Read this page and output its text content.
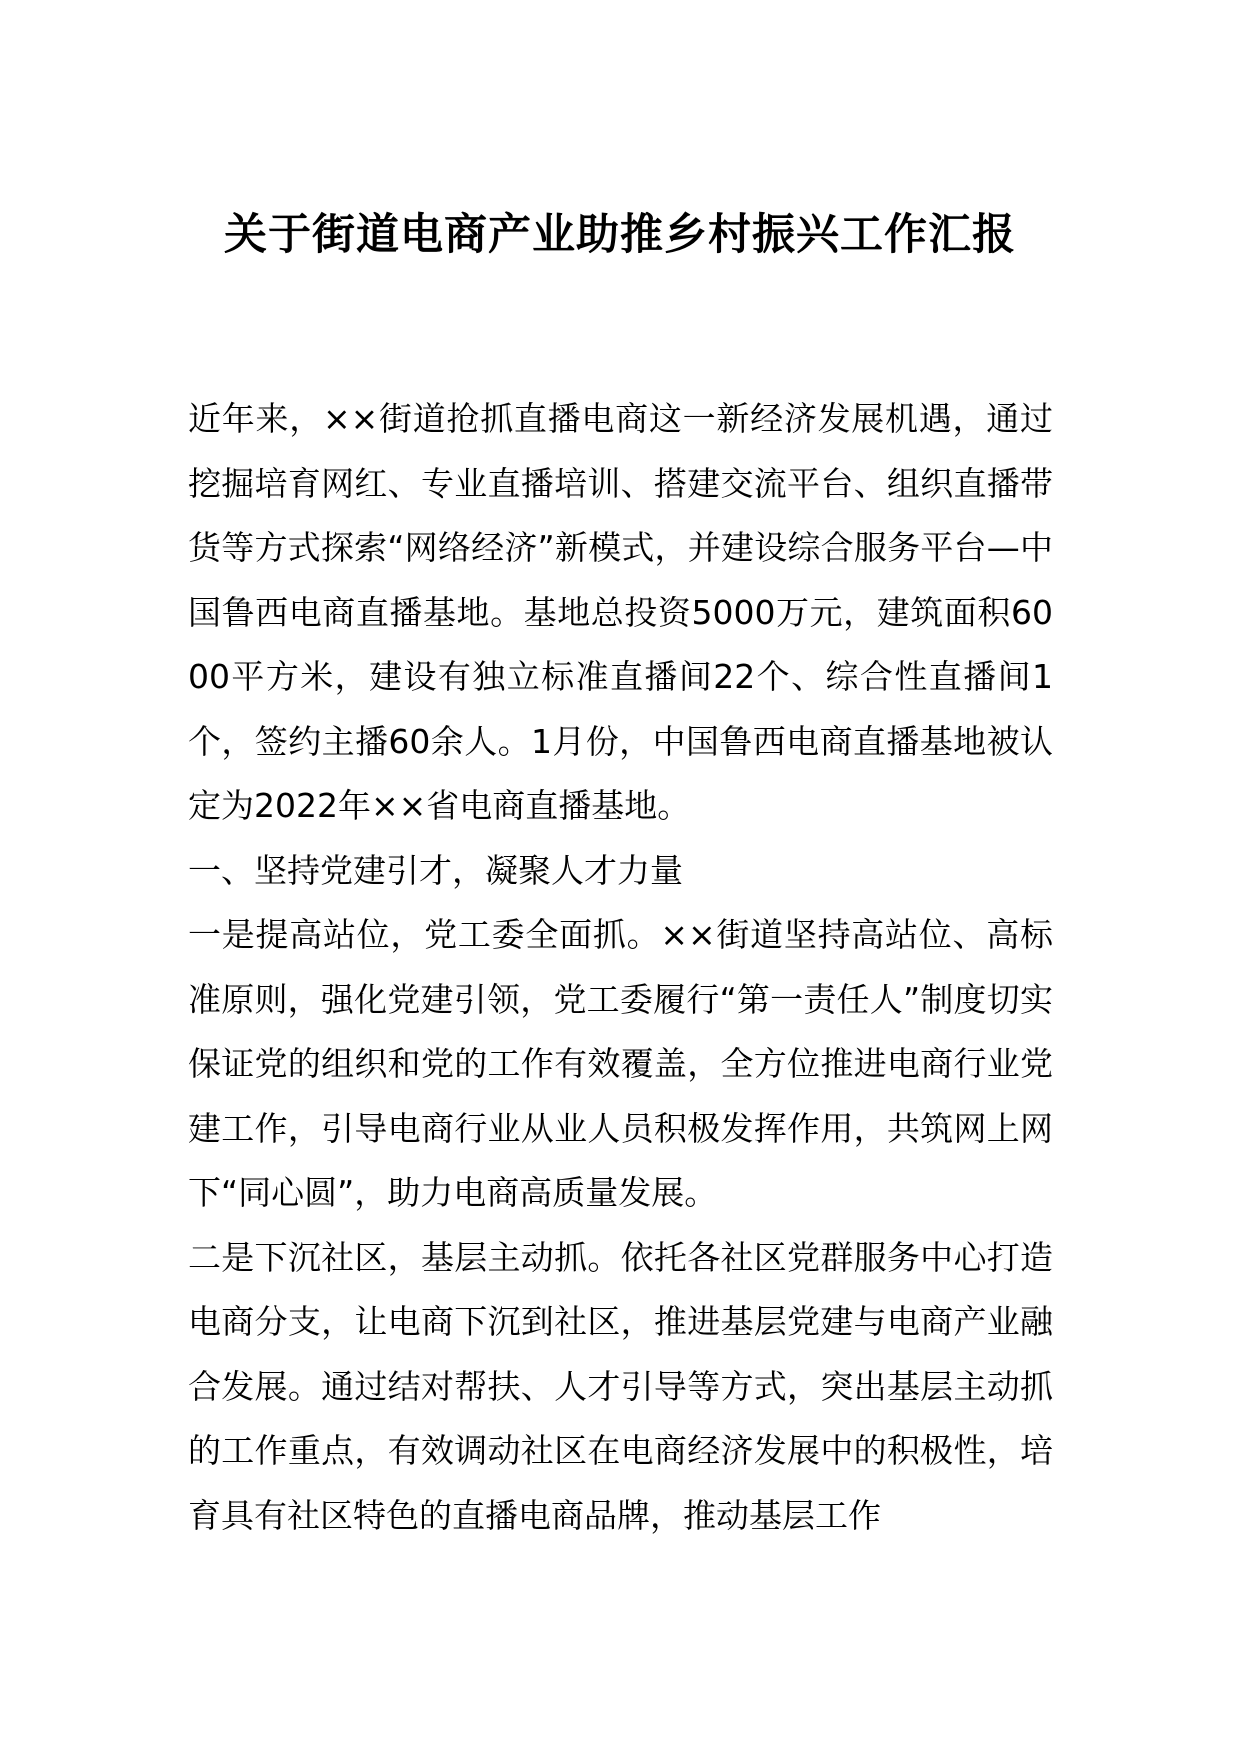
关于街道电商产业助推乡村振兴工作汇报

近年来，××街道抢抓直播电商这一新经济发展机遇，通过挖掘培育网红、专业直播培训、搭建交流平台、组织直播带货等方式探索“网络经济”新模式，并建设综合服务平台—中国鲁西电商直播基地。基地总投资5000万元，建筑面积6000平方米，建设有独立标准直播间22个、综合性直播间1个，签约主播60余人。1月份，中国鲁西电商直播基地被认定为2022年××省电商直播基地。

一、坚持党建引才，凝聚人才力量

一是提高站位，党工委全面抓。××街道坚持高站位、高标准原则，强化党建引领，党工委履行“第一责任人”制度切实保证党的组织和党的工作有效覆盖，全方位推进电商行业党建工作，引导电商行业从业人员积极发挥作用，共筑网上网下“同心圆”，助力电商高质量发展。

二是下沉社区，基层主动抓。依托各社区党群服务中心打造电商分支，让电商下沉到社区，推进基层党建与电商产业融合发展。通过结对帮扶、人才引导等方式，突出基层主动抓的工作重点，有效调动社区在电商经济发展中的积极性，培育具有社区特色的直播电商品牌，推动基层工作
